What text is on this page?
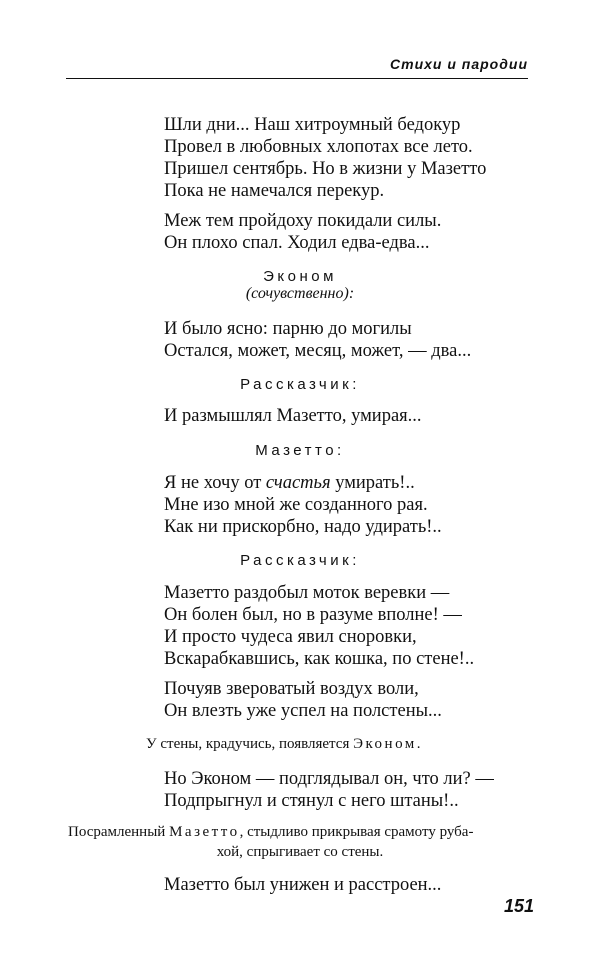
Стихи и пародии
Шли дни... Наш хитроумный бедокур
Провел в любовных хлопотах все лето.
Пришел сентябрь. Но в жизни у Мазетто
Пока не намечался перекур.
Меж тем пройдоху покидали силы.
Он плохо спал. Ходил едва-едва...
Эконом
(сочувственно):
И было ясно: парню до могилы
Остался, может, месяц, может, — два...
Рассказчик:
И размышлял Мазетто, умирая...
Мазетто:
Я не хочу от счастья умирать!..
Мне изо мной же созданного рая.
Как ни прискорбно, надо удирать!..
Рассказчик:
Мазетто раздобыл моток веревки —
Он болен был, но в разуме вполне! —
И просто чудеса явил сноровки,
Вскарабкавшись, как кошка, по стене!..
Почуяв звероватый воздух воли,
Он влезть уже успел на полстены...
У стены, крадучись, появляется Эконом.
Но Эконом — подглядывал он, что ли? —
Подпрыгнул и стянул с него штаны!..
Посрамленный Мазетто, стыдливо прикрывая срамоту руба-
хой, спрыгивает со стены.
Мазетто был унижен и расстроен...
151
